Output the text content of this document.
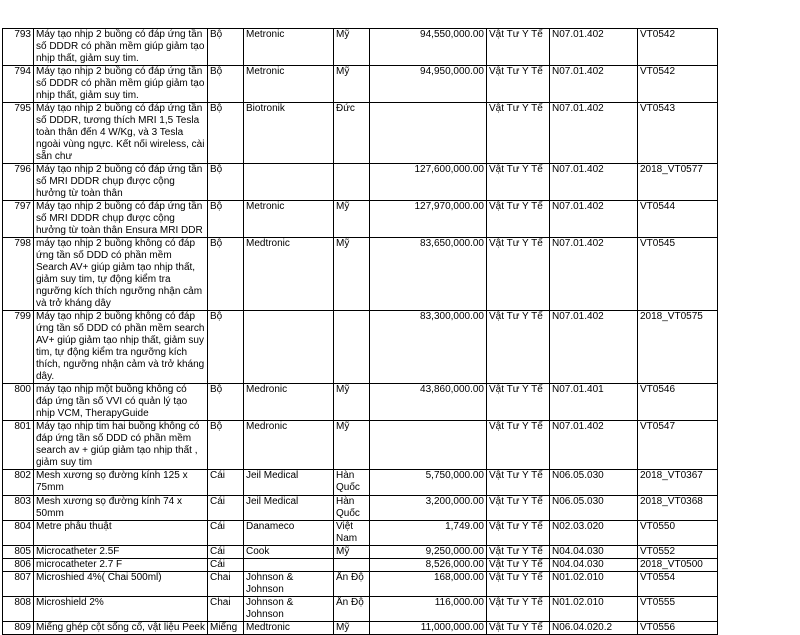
793	Máy tạo nhịp 2 buồng có đáp ứng tần số DDDR có phần mềm giúp giảm tạo nhịp thất, giảm suy tim.	Bộ	Metronic	Mỹ	94,550,000.00	Vật Tư Y Tế	N07.01.402	VT0542
794	Máy tạo nhịp 2 buồng có đáp ứng tần số DDDR có phần mềm giúp giảm tạo nhịp thất, giảm suy tim.	Bộ	Metronic	Mỹ	94,950,000.00	Vật Tư Y Tế	N07.01.402	VT0542
795	Máy tạo nhịp 2 buồng có đáp ứng tần số DDDR, tương thích MRI 1,5 Tesla toàn thân đến 4 W/Kg, và 3 Tesla ngoài vùng ngực. Kết nối wireless, cài sẵn chư	Bộ	Biotronik	Đức		Vật Tư Y Tế	N07.01.402	VT0543
796	Máy tạo nhịp 2 buồng có đáp ứng tần số MRI DDDR chụp được cộng hưởng từ toàn thân	Bộ			127,600,000.00	Vật Tư Y Tế	N07.01.402	2018_VT0577
797	Máy tạo nhịp 2 buồng có đáp ứng tần số MRI DDDR chụp được cộng hưởng từ toàn thân Ensura MRI DDR	Bộ	Metronic	Mỹ	127,970,000.00	Vật Tư Y Tế	N07.01.402	VT0544
798	máy tạo nhịp 2 buồng không có đáp ứng tần số DDD có phần mềm Search AV+ giúp giảm tạo nhịp thất, giảm suy tim, tự động kiểm tra ngưỡng kích thích ngưỡng nhận cảm và trở kháng dây	Bộ	Medtronic	Mỹ	83,650,000.00	Vật Tư Y Tế	N07.01.402	VT0545
799	Máy tạo nhịp 2 buồng không có đáp ứng tần số DDD có phần mềm search AV+ giúp giảm tạo nhịp thất, giảm suy tim, tự động kiểm tra ngưỡng kích thích, ngưỡng nhận cảm và trở kháng dây.	Bộ			83,300,000.00	Vật Tư Y Tế	N07.01.402	2018_VT0575
800	máy tạo nhịp một buồng không có đáp ứng tần số VVI có quản lý tạo nhịp VCM, TherapyGuide	Bộ	Medronic	Mỹ	43,860,000.00	Vật Tư Y Tế	N07.01.401	VT0546
801	Máy tạo nhịp tim hai buồng không có đáp ứng tần số DDD có phần mềm search av + giúp giảm tạo nhịp thất , giảm suy tim	Bộ	Medronic	Mỹ		Vật Tư Y Tế	N07.01.402	VT0547
802	Mesh xương sọ đường kính 125 x 75mm	Cái	Jeil Medical	Hàn Quốc	5,750,000.00	Vật Tư Y Tế	N06.05.030	2018_VT0367
803	Mesh xương sọ đường kính 74 x 50mm	Cái	Jeil Medical	Hàn Quốc	3,200,000.00	Vật Tư Y Tế	N06.05.030	2018_VT0368
804	Metre phẫu thuật	Cái	Danameco	Việt Nam	1,749.00	Vật Tư Y Tế	N02.03.020	VT0550
805	Microcatheter 2.5F	Cái	Cook	Mỹ	9,250,000.00	Vật Tư Y Tế	N04.04.030	VT0552
806	microcatheter 2.7 F	Cái			8,526,000.00	Vật Tư Y Tế	N04.04.030	2018_VT0500
807	Microshied 4%( Chai 500ml)	Chai	Johnson & Johnson	Ấn Độ	168,000.00	Vật Tư Y Tế	N01.02.010	VT0554
808	Microshield 2%	Chai	Johnson & Johnson	Ấn Độ	116,000.00	Vật Tư Y Tế	N01.02.010	VT0555
809	Miếng ghép cột sống cổ, vật liệu Peek	Miếng	Medtronic	Mỹ	11,000,000.00	Vật Tư Y Tế	N06.04.020.2	VT0556
